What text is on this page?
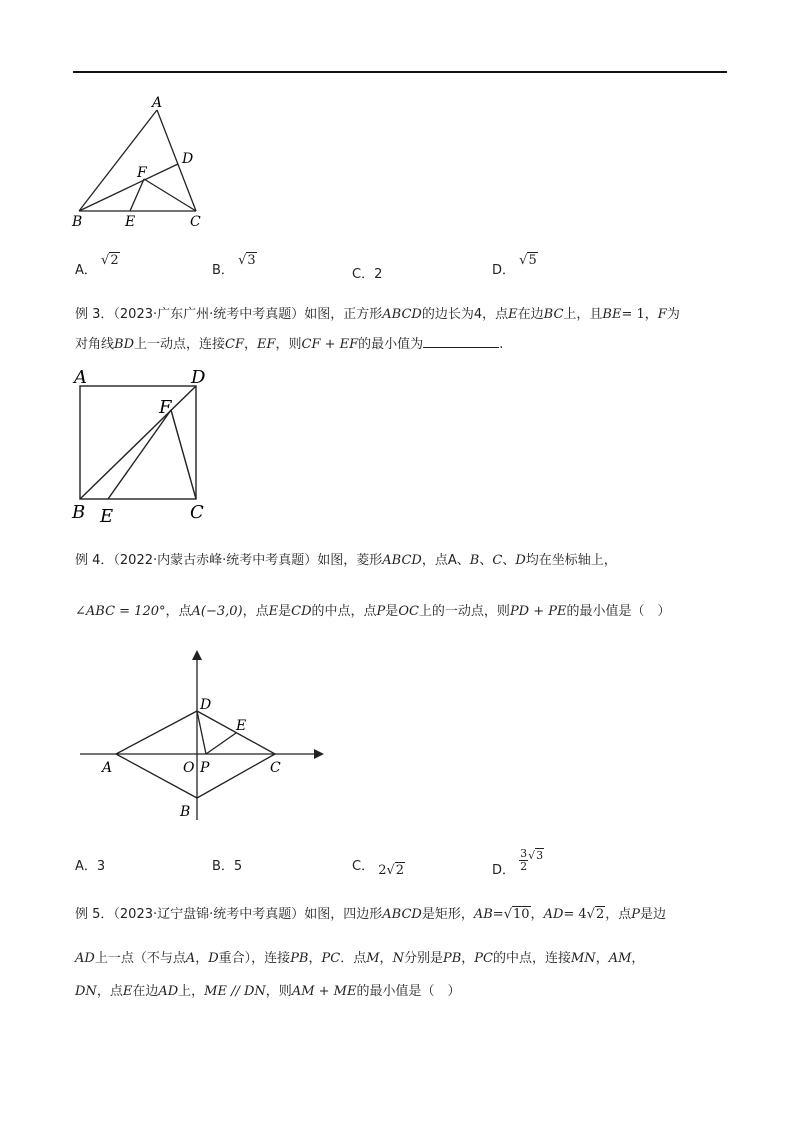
A
D
F
B	E	C
A． √2
B． √3
C．2	D． √5
例 3．（2023·广东广州·统考中考真题）如图，正方形ABCD的边长为4，点E在边BC上，且BE= 1，F为
对角线BD上一动点，连接CF，EF，则CF + EF的最小值为	.
A	D
F
B E	C
例 4．（2022·内蒙古赤峰·统考中考真题）如图，菱形ABCD，点A、B、C、D均在坐标轴上，
∠ABC = 120°，点A(−3,0)，点E是CD的中点，点P是OC上的一动点，则PD + PE的最小值是（　）
D
E
A	O P	C
B
A．3	B．5	C． 2√2	D． $\frac{3}{2} ^{√3}$
例 5．（2023·辽宁盘锦·统考中考真题）如图，四边形ABCD是矩形，AB=√10，AD= 4√2，点P是边
AD上一点（不与点A，D重合），连接PB，PC．点M，N分别是PB，PC的中点，连接MN，AM，
DN，点E在边AD上，ME // DN，则AM + ME的最小值是（　）
